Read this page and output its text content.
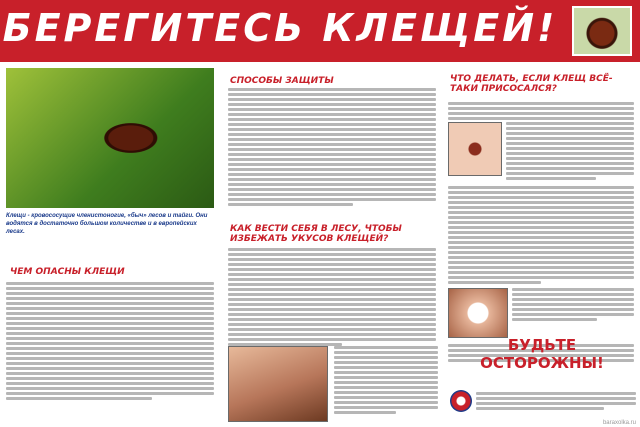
БЕРЕГИТЕСЬ КЛЕЩЕЙ!
Клещи - кровососущие членистоногие, «быч» лесов и тайги. Они водятся в достаточно большом количестве и в европейских лесах.
ЧЕМ ОПАСНЫ КЛЕЩИ
СПОСОБЫ ЗАЩИТЫ
КАК ВЕСТИ СЕБЯ В ЛЕСУ, ЧТОБЫ ИЗБЕЖАТЬ УКУСОВ КЛЕЩЕЙ?
ЧТО ДЕЛАТЬ, ЕСЛИ КЛЕЩ ВСЁ-ТАКИ ПРИСОСАЛСЯ?
БУДЬТЕ ОСТОРОЖНЫ!
baraxolka.ru
